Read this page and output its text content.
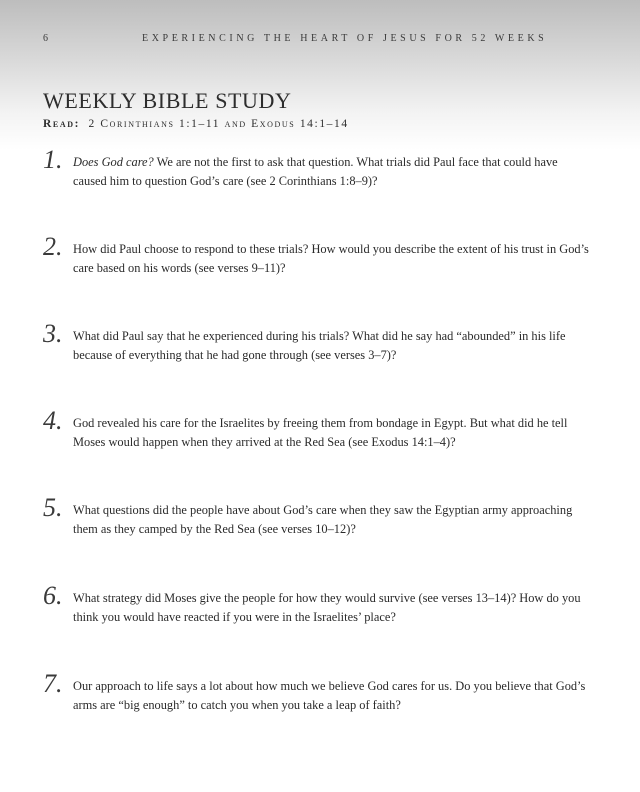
6	EXPERIENCING THE HEART OF JESUS FOR 52 WEEKS
WEEKLY BIBLE STUDY
Read: 2 Corinthians 1:1–11 and Exodus 14:1–14
1. Does God care? We are not the first to ask that question. What trials did Paul face that could have caused him to question God’s care (see 2 Corinthians 1:8–9)?
2. How did Paul choose to respond to these trials? How would you describe the extent of his trust in God’s care based on his words (see verses 9–11)?
3. What did Paul say that he experienced during his trials? What did he say had “abounded” in his life because of everything that he had gone through (see verses 3–7)?
4. God revealed his care for the Israelites by freeing them from bondage in Egypt. But what did he tell Moses would happen when they arrived at the Red Sea (see Exodus 14:1–4)?
5. What questions did the people have about God’s care when they saw the Egyptian army approaching them as they camped by the Red Sea (see verses 10–12)?
6. What strategy did Moses give the people for how they would survive (see verses 13–14)? How do you think you would have reacted if you were in the Israelites’ place?
7. Our approach to life says a lot about how much we believe God cares for us. Do you believe that God’s arms are “big enough” to catch you when you take a leap of faith?
